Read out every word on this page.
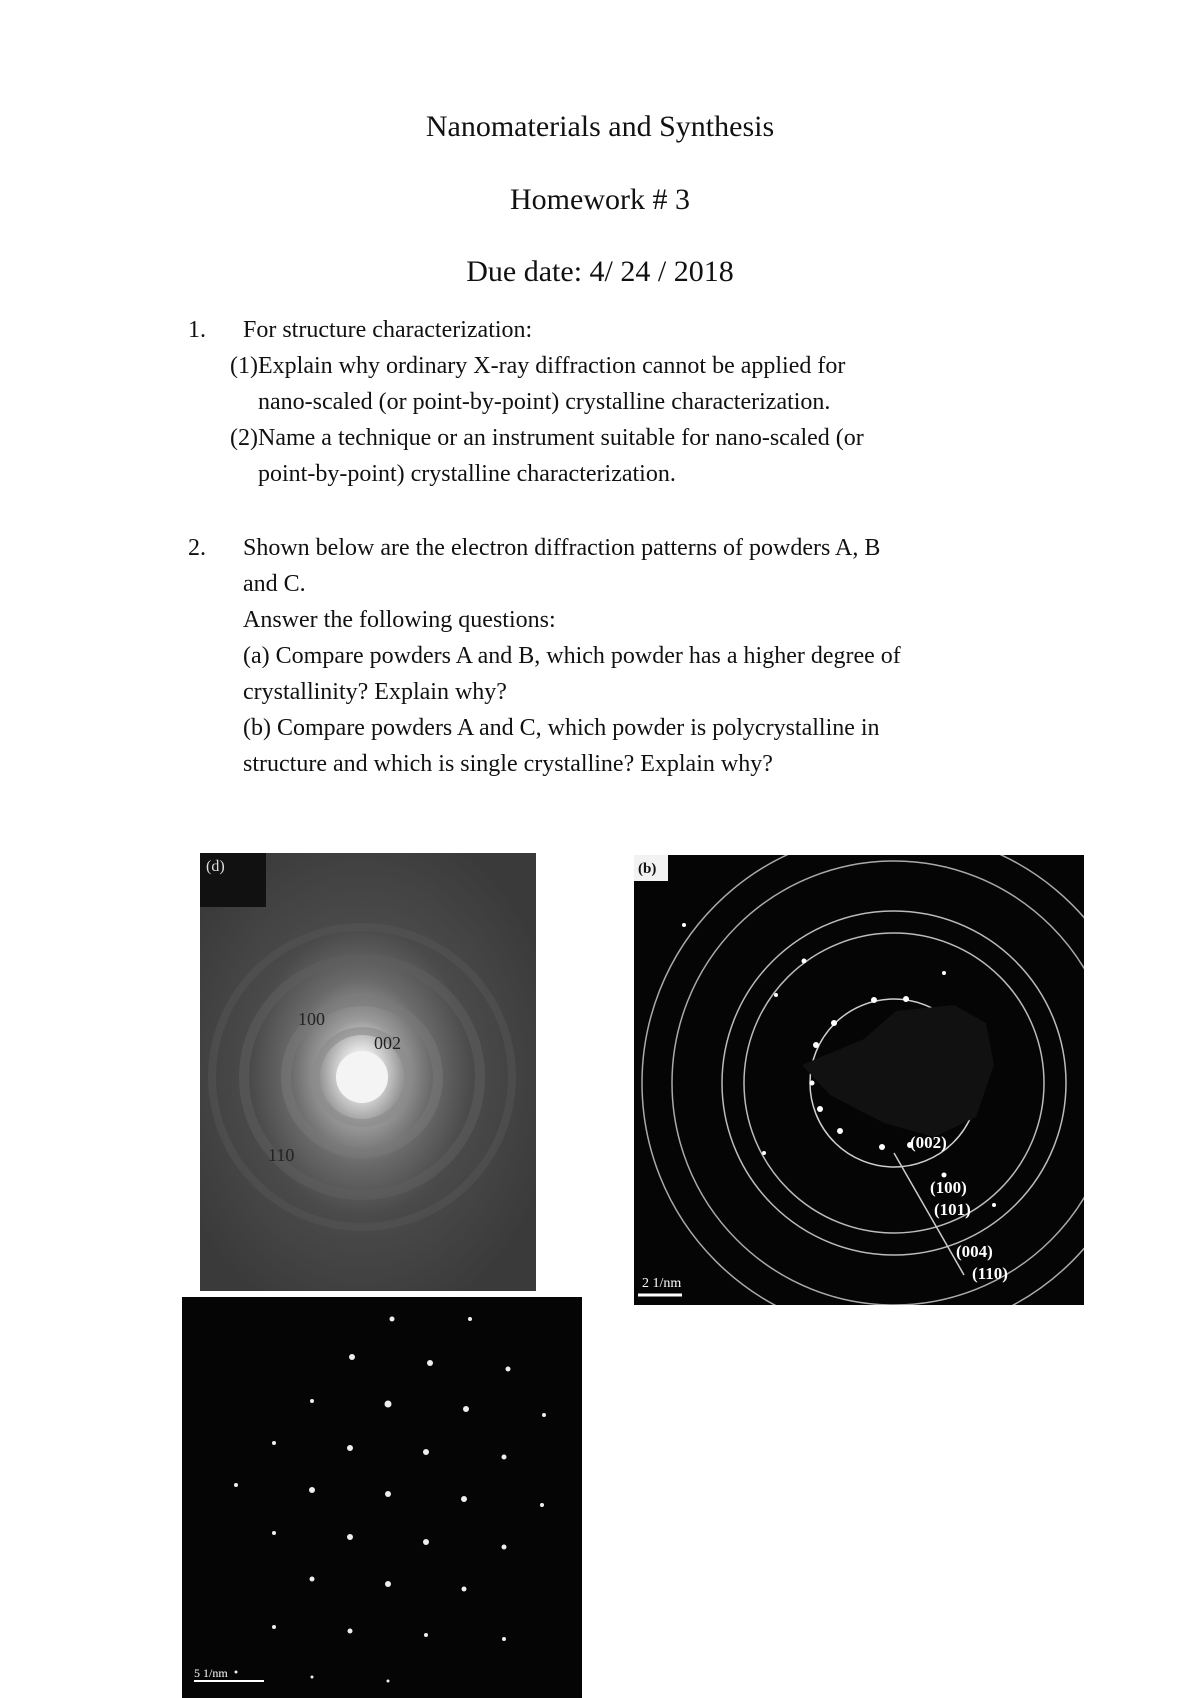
Nanomaterials and Synthesis
Homework # 3
Due date: 4/ 24 / 2018
1.	For structure characterization:
(1) Explain why ordinary X-ray diffraction cannot be applied for
nano-scaled (or point-by-point) crystalline characterization.
(2) Name a technique or an instrument suitable for nano-scaled (or
point-by-point) crystalline characterization.
2.	Shown below are the electron diffraction patterns of powders A, B
and C.
Answer the following questions:
(a) Compare powders A and B, which powder has a higher degree of
crystallinity? Explain why?
(b) Compare powders A and C, which powder is polycrystalline in
structure and which is single crystalline? Explain why?
(d)
100
002
110
(002)
(100)
(101)
(004)
(110)
(b)
2 1/nm
5 1/nm
